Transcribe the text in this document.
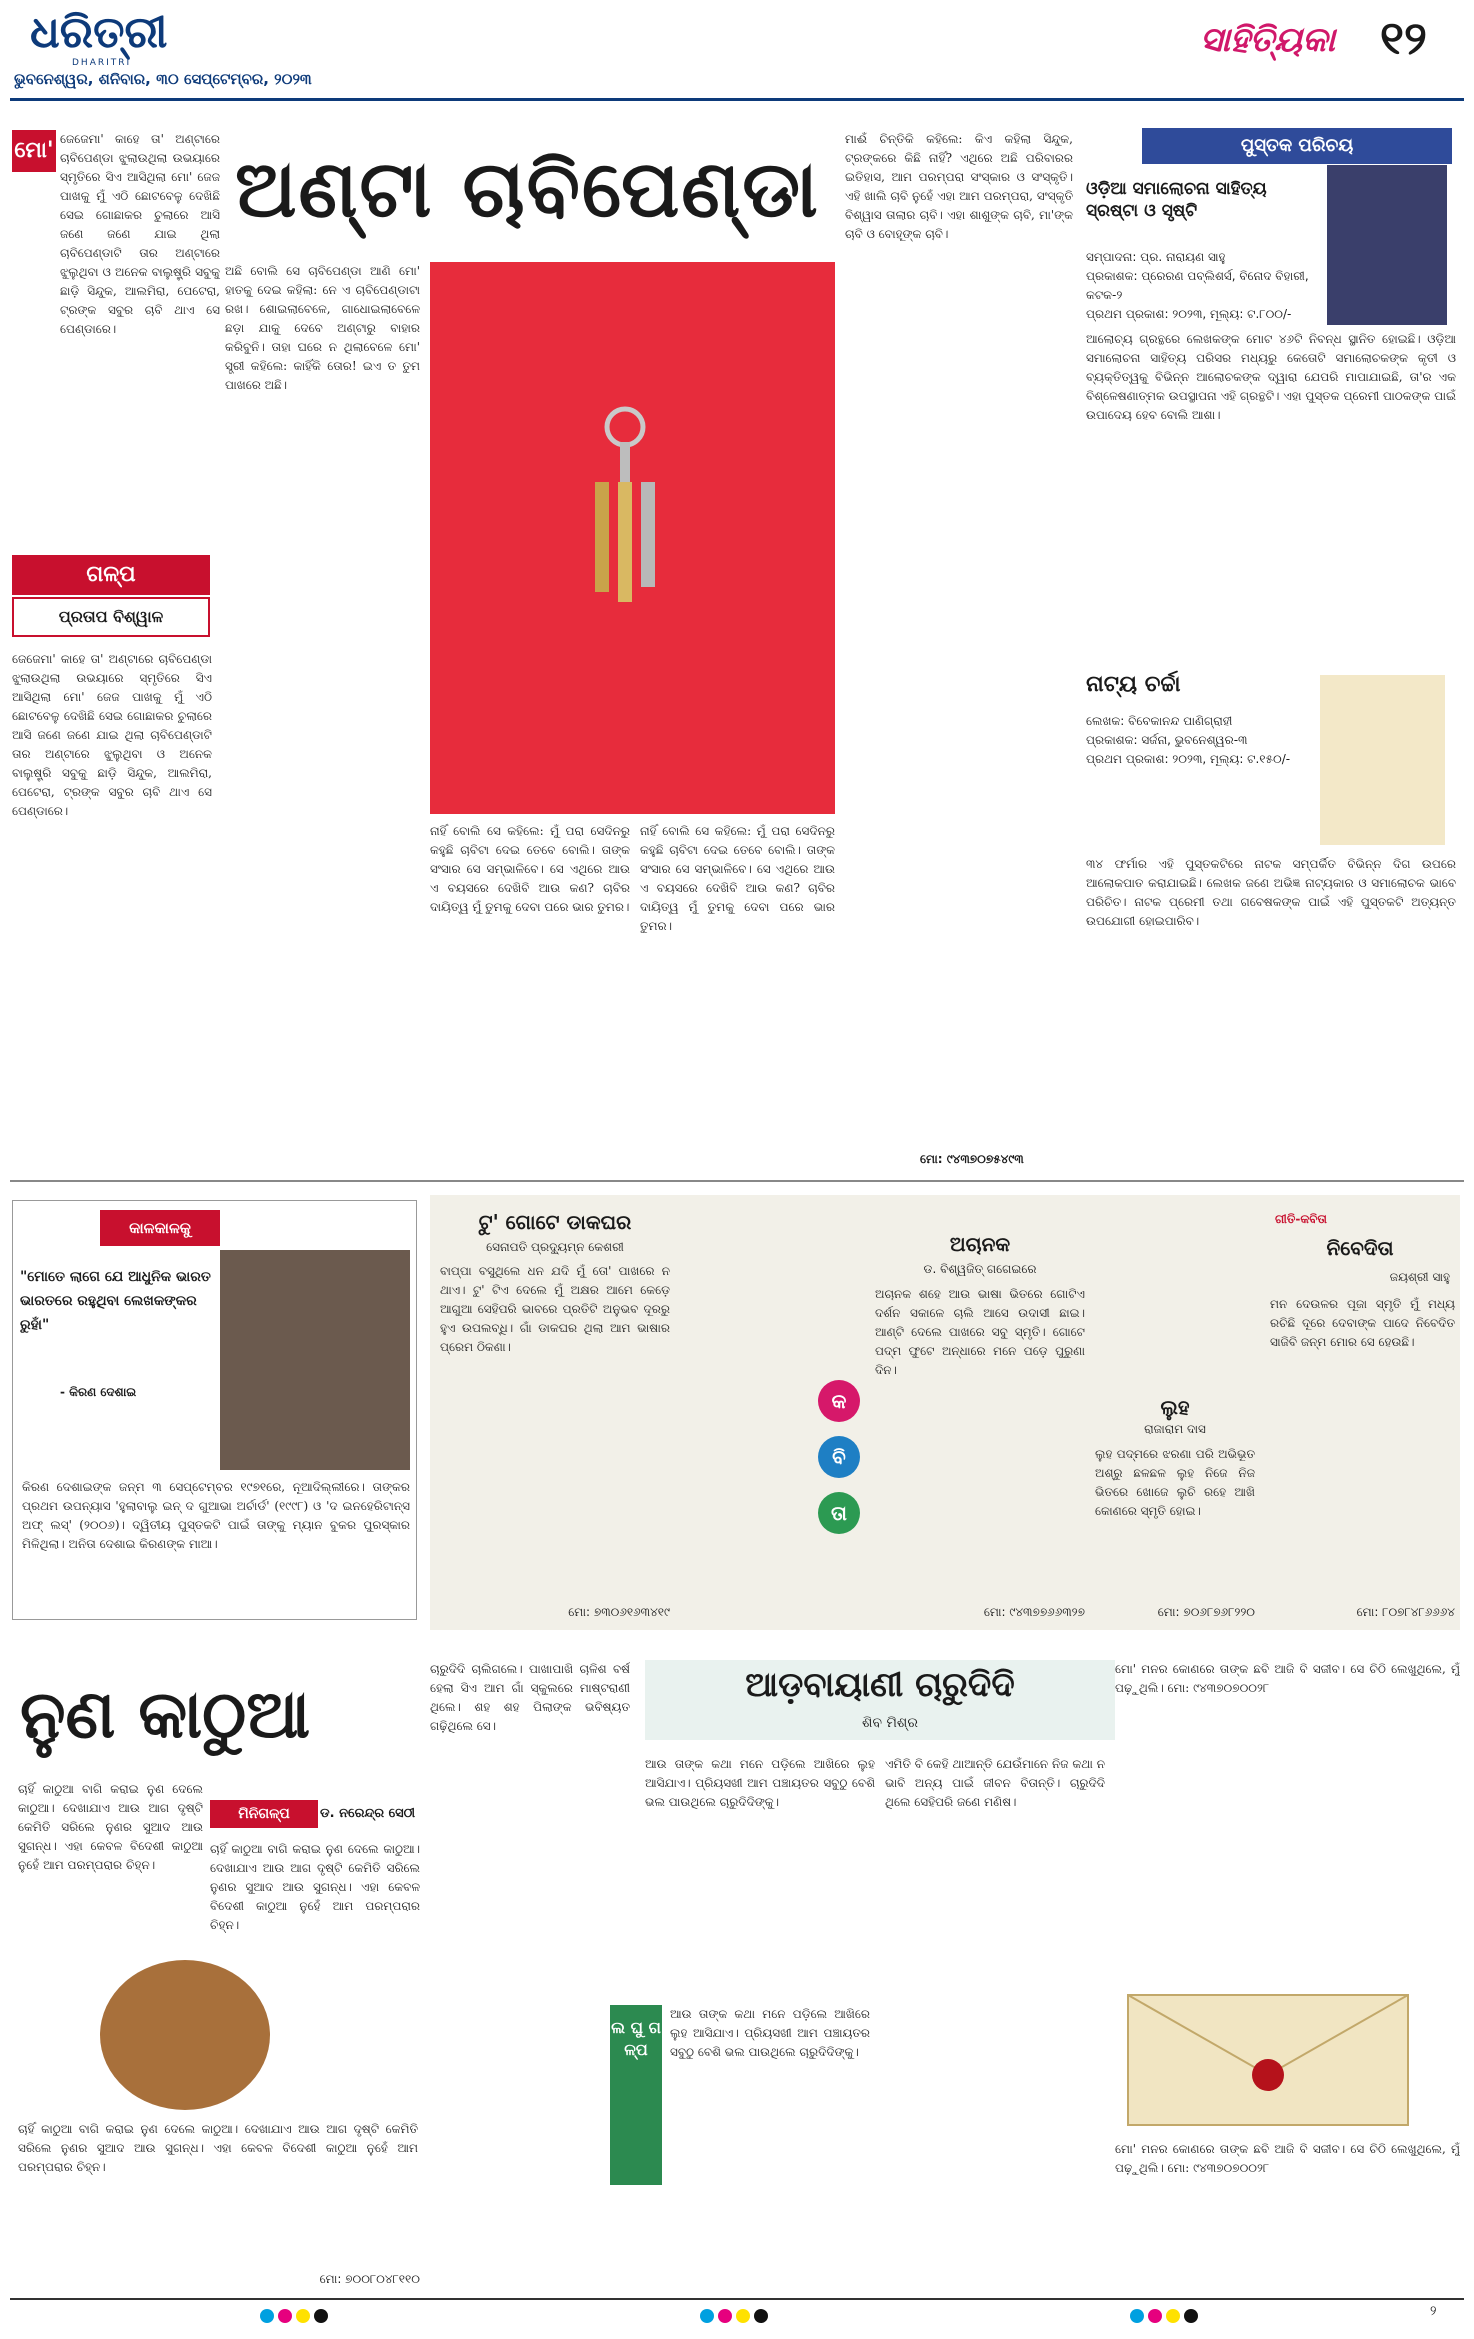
ଧରିତ୍ରୀ
DHARITRI
ଭୁବନେଶ୍ୱର, ଶନିବାର, ୩୦ ସେପ୍ଟେମ୍ବର, ୨୦୨୩
ସାହିତ୍ୟିକା ୧୨
ମୋ' ଅଣ୍ଟା ଚାବିପେଣ୍ଡା
ଜେଜେମା' କାହେ ତା' ଅଣ୍ଟାରେ ଚାବିପେଣ୍ଡା ଝୁଲାଉଥିଲା ଉଭୟାରେ ସ୍ମୃତିରେ ସିଏ ଆସିଥିଲା ମୋ' ଜେଜ ପାଖକୁ ମୁଁ ଏଠି ଛୋଟବେଳୁ ଦେଖିଛି ସେଇ ଗୋଛାକର ଚୁଲାରେ ଆସି ଜଣେ ଜଣେ ଯାଇ ଥିଲା ଚାବିପେଣ୍ଡାଟି ତାର ଅଣ୍ଟାରେ ଝୁଲୁଥିବା ଓ ଅନେକ ବାଲୁଷ୍ଟ୍ରି ସବୁକୁ ଛାଡ଼ି ସିନ୍ଦୁକ, ଆଲମିରା, ପେଟେରା, ଟ୍ରଙ୍କ ସବୁର ଚାବି ଥାଏ ସେ ପେଣ୍ଡାରେ।
ଗଳ୍ପ
ପ୍ରତାପ ବିଶ୍ୱାଳ
ଜେଜେମା' କାହେ ତା' ଅଣ୍ଟାରେ ଚାବିପେଣ୍ଡା ଝୁଲାଉଥିଲା ଉଭୟାରେ ସ୍ମୃତିରେ ସିଏ ଆସିଥିଲା ମୋ' ଜେଜ ପାଖକୁ ମୁଁ ଏଠି ଛୋଟବେଳୁ ଦେଖିଛି ସେଇ ଗୋଛାକର ଚୁଲାରେ ଆସି ଜଣେ ଜଣେ ଯାଇ ଥିଲା ଚାବିପେଣ୍ଡାଟି ତାର ଅଣ୍ଟାରେ ଝୁଲୁଥିବା ଓ ଅନେକ ବାଲୁଷ୍ଟ୍ରି ସବୁକୁ ଛାଡ଼ି ସିନ୍ଦୁକ, ଆଲମିରା, ପେଟେରା, ଟ୍ରଙ୍କ ସବୁର ଚାବି ଥାଏ ସେ ପେଣ୍ଡାରେ।
ଅଛି ବୋଲି ସେ ଚାବିପେଣ୍ଡା ଆଣି ମୋ' ହାତକୁ ଦେଇ କହିଲା: ନେ ଏ ଚାବିପେଣ୍ଡାଟା ରଖ। ଶୋଇଲାବେଳେ, ଗାଧୋଇଲାବେଳେ ଛଡ଼ା ଯାକୁ ଦେବେ ଅଣ୍ଟାରୁ ବାହାର କରିବୁନି। ତାହା ଘରେ ନ ଥିଲାବେଳେ ମୋ' ସ୍ତ୍ରୀ କହିଲେ: କାହିଁକି ତୋର! ଇଏ ତ ତୁମ ପାଖରେ ଅଛି।
ନାହିଁ ବୋଲି ସେ କହିଲେ: ମୁଁ ପରା ସେଦିନରୁ କହୁଛି ଚାବିଟା ଦେଇ ତେବେ ବୋଲି। ତାଙ୍କ ସଂସାର ସେ ସମ୍ଭାଳିବେ। ସେ ଏଥିରେ ଆଉ ଏ ବୟସରେ ଦେଖିବି ଆଉ କଣ? ଚାବିର ଦାୟିତ୍ୱ ମୁଁ ତୁମକୁ ଦେବା ପରେ ଭାର ତୁମର।
ନାହିଁ ବୋଲି ସେ କହିଲେ: ମୁଁ ପରା ସେଦିନରୁ କହୁଛି ଚାବିଟା ଦେଇ ତେବେ ବୋଲି। ତାଙ୍କ ସଂସାର ସେ ସମ୍ଭାଳିବେ। ସେ ଏଥିରେ ଆଉ ଏ ବୟସରେ ଦେଖିବି ଆଉ କଣ? ଚାବିର ଦାୟିତ୍ୱ ମୁଁ ତୁମକୁ ଦେବା ପରେ ଭାର ତୁମର।
ମାଈଁ ଚିନ୍ତିକି କହିଲେ: କିଏ କହିଲା ସିନ୍ଦୁକ, ଟ୍ରଙ୍କରେ କିଛି ନାହିଁ? ଏଥିରେ ଅଛି ପରିବାରର ଇତିହାସ, ଆମ ପରମ୍ପରା ସଂସ୍କାର ଓ ସଂସ୍କୃତି। ଏହି ଖାଲି ଚାବି ନୁହେଁ ଏହା ଆମ ପରମ୍ପରା, ସଂସ୍କୃତି ବିଶ୍ୱାସ ତାଲାର ଚାବି। ଏହା ଶାଶୁଙ୍କ ଚାବି, ମା'ଙ୍କ ଚାବି ଓ ବୋହୂଙ୍କ ଚାବି।
ମୋ: ୯୪୩୭୦୭୫୪୯୩
ପୁସ୍ତକ ପରିଚୟ
ଓଡ଼ିଆ ସମାଲୋଚନା ସାହିତ୍ୟ ସ୍ରଷ୍ଟା ଓ ସୃଷ୍ଟି
ସମ୍ପାଦନା: ପ୍ର. ନାରାୟଣ ସାହୁ
ପ୍ରକାଶକ: ପ୍ରେରଣ ପବ୍ଲିଶର୍ସ, ବିନୋଦ ବିହାରୀ, କଟକ-୨
ପ୍ରଥମ ପ୍ରକାଶ: ୨୦୨୩, ମୂଲ୍ୟ: ଟ.୮୦୦/-
ଆଲୋଚ୍ୟ ଗ୍ରନ୍ଥରେ ଲେଖକଙ୍କ ମୋଟ ୪୬ଟି ନିବନ୍ଧ ସ୍ଥାନିତ ହୋଇଛି। ଓଡ଼ିଆ ସମାଲୋଚନା ସାହିତ୍ୟ ପରିସର ମଧ୍ୟରୁ କେତୋଟି ସମାଲୋଚକଙ୍କ କୃତୀ ଓ ବ୍ୟକ୍ତିତ୍ୱକୁ ବିଭିନ୍ନ ଆଲୋଚକଙ୍କ ଦ୍ୱାରା ଯେପରି ମାପାଯାଇଛି, ତା'ର ଏକ ବିଶ୍ଳେଷଣାତ୍ମକ ଉପସ୍ଥାପନା ଏହି ଗ୍ରନ୍ଥଟି। ଏହା ପୁସ୍ତକ ପ୍ରେମୀ ପାଠକଙ୍କ ପାଇଁ ଉପାଦେୟ ହେବ ବୋଲି ଆଶା।
ନାଟ୍ୟ ଚର୍ଚ୍ଚା
ଲେଖକ: ବିବେକାନନ୍ଦ ପାଣିଗ୍ରାହୀ
ପ୍ରକାଶକ: ସର୍ଜନା, ଭୁବନେଶ୍ୱର-୩
ପ୍ରଥମ ପ୍ରକାଶ: ୨୦୨୩, ମୂଲ୍ୟ: ଟ.୧୫୦/-
୩୪ ଫର୍ମାର ଏହି ପୁସ୍ତକଟିରେ ନାଟକ ସମ୍ପର୍କିତ ବିଭିନ୍ନ ଦିଗ ଉପରେ ଆଲୋକପାତ କରାଯାଇଛି। ଲେଖକ ଜଣେ ଅଭିଜ୍ଞ ନାଟ୍ୟକାର ଓ ସମାଲୋଚକ ଭାବେ ପରିଚିତ। ନାଟକ ପ୍ରେମୀ ତଥା ଗବେଷକଙ୍କ ପାଇଁ ଏହି ପୁସ୍ତକଟି ଅତ୍ୟନ୍ତ ଉପଯୋଗୀ ହୋଇପାରିବ।
କାଳକାଳକୁ
"ମୋତେ ଲାଗେ ଯେ ଆଧୁନିକ ଭାରତ ଭାରତରେ ରହୁଥିବା ଲେଖକଙ୍କର ରୁହାଁ"
- କିରଣ ଦେଶାଇ
କିରଣ ଦେଶାଇଙ୍କ ଜନ୍ମ ୩ ସେପ୍ଟେମ୍ବର ୧୯୭୧ରେ, ନୂଆଦିଲ୍ଲୀରେ। ତାଙ୍କର ପ୍ରଥମ ଉପନ୍ୟାସ 'ହୁଲାବାଲୁ ଇନ୍ ଦ ଗୁଆଭା ଅର୍ଚାର୍ଡ' (୧୯୯୮) ଓ 'ଦ ଇନହେରିଟାନ୍ସ ଅଫ୍ ଲସ୍' (୨୦୦୬)। ଦ୍ୱିତୀୟ ପୁସ୍ତକଟି ପାଇଁ ତାଙ୍କୁ ମ୍ୟାନ ବୁକର ପୁରସ୍କାର ମିଳିଥିଲା। ଅନିତା ଦେଶାଇ କିରଣଙ୍କ ମାଆ।
ଟୁ' ଗୋଟେ ଡାକଘର
ସେନାପତି ପ୍ରଦ୍ୟୁମ୍ନ କେଶରୀ
ବାପ୍ପା ବସୁଥିଲେ ଧନ ଯଦି ମୁଁ ତୋ' ପାଖରେ ନ ଥାଏ। ଟୁ' ଟିଏ ଦେଲେ ମୁଁ ଅକ୍ଷର ଆମେ କେଡ଼େ ଆଗୁଆ ସେହିପରି ଭାବରେ ପ୍ରତିଟି ଅନୁଭବ ଦୂରରୁ ହୁଏ ଉପଲବ୍ଧି। ଗାଁ ଡାକଘର ଥିଲା ଆମ ଭାଷାର ପ୍ରେମ ଠିକଣା।
ମୋ: ୭୩୦୬୧୬୩୪୧୯
ଅଚାନକ
ଡ. ବିଶ୍ୱଜିତ୍‌ ଗଗେଇରେ
ଅଚାନକ ଶହେ ଆଉ ଭାଷା ଭିତରେ ଗୋଟିଏ ଦର୍ଶନ ସକାଳେ ଚାଲି ଆସେ ଉଦାସୀ ଛାଇ। ଆଣ୍ଟି ଦେଲେ ପାଖରେ ସବୁ ସ୍ମୃତି। ଗୋଟେ ପଦ୍ମ ଫୁଟେ ଅନ୍ଧାରେ ମନେ ପଡ଼େ ପୁରୁଣା ଦିନ।
ମୋ: ୯୪୩୭୭୬୬୩୨୭
କ
ବି
ତା
ଲୁହ
ରାଜାରାମ ଦାସ
ଲୁହ ପଦ୍ମରେ ଝରଣା ପରି ଅଭିଭୂତ ଅଶ୍ରୁ ଛଳଛଳ ଲୁହ ନିଜେ ନିଜ ଭିତରେ ଖୋଜେ ଲୁଚି ରହେ ଆଖି କୋଣରେ ସ୍ମୃତି ହୋଇ।
ମୋ: ୭୦୬୮୭୬୮୨୨୦
ଗୀତି-କବିତା
ନିବେଦିତା
ଜୟଶ୍ରୀ ସାହୁ
ମନ ଦେଉଳର ପୂଜା ସ୍ମୃତି ମୁଁ ମଧ୍ୟ ରଚିଛି ଦୂରେ ଦେବାଙ୍କ ପାଦେ ନିବେଦିତ ସାଜିବି ଜନ୍ମ ମୋର ସେ ହେଉଛି।
ମୋ: ୮୦୭୮୪୮୬୬୬୪
ନୁଣ କାଠୁଆ
ମିନିଗଳ୍ପ	ଡ. ନରେନ୍ଦ୍ର ସେଠୀ
ଚାହିଁ କାଠୁଆ ବାଗି କରାଇ ନୁଣ ଦେଲେ କାଠୁଆ। ଦେଖାଯାଏ ଆଉ ଆଗ ଦୃଷ୍ଟି କେମିତି ସରିଲେ ନୁଣର ସୁଆଦ ଆଉ ସୁଗନ୍ଧ। ଏହା କେବଳ ବିଦେଶୀ କାଠୁଆ ନୁହେଁ ଆମ ପରମ୍ପରାର ଚିହ୍ନ।
ଚାହିଁ କାଠୁଆ ବାଗି କରାଇ ନୁଣ ଦେଲେ କାଠୁଆ। ଦେଖାଯାଏ ଆଉ ଆଗ ଦୃଷ୍ଟି କେମିତି ସରିଲେ ନୁଣର ସୁଆଦ ଆଉ ସୁଗନ୍ଧ। ଏହା କେବଳ ବିଦେଶୀ କାଠୁଆ ନୁହେଁ ଆମ ପରମ୍ପରାର ଚିହ୍ନ।
ଚାହିଁ କାଠୁଆ ବାଗି କରାଇ ନୁଣ ଦେଲେ କାଠୁଆ। ଦେଖାଯାଏ ଆଉ ଆଗ ଦୃଷ୍ଟି କେମିତି ସରିଲେ ନୁଣର ସୁଆଦ ଆଉ ସୁଗନ୍ଧ। ଏହା କେବଳ ବିଦେଶୀ କାଠୁଆ ନୁହେଁ ଆମ ପରମ୍ପରାର ଚିହ୍ନ।
ମୋ: ୭୦୦୮୦୪୮୧୧୦
ଚାରୁଦିଦି ଚାଲିଗଲେ। ପାଖାପାଖି ଚାଳିଶ ବର୍ଷ ହେଲା ସିଏ ଆମ ଗାଁ ସ୍କୁଲରେ ମାଷ୍ଟରାଣୀ ଥିଲେ। ଶହ ଶହ ପିଲାଙ୍କ ଭବିଷ୍ୟତ ଗଢ଼ିଥିଲେ ସେ।
ଆଡ଼ବାୟାଣୀ ଚାରୁଦିଦି
ଶିବ ମିଶ୍ର
ଆଉ ତାଙ୍କ କଥା ମନେ ପଡ଼ିଲେ ଆଖିରେ ଲୁହ ଆସିଯାଏ। ପ୍ରିୟସଖୀ ଆମ ପଞ୍ଚାୟତର ସବୁଠୁ ବେଶି ଭଲ ପାଉଥିଲେ ଚାରୁଦିଦିଙ୍କୁ।
ଲ ଘୁ ଗ ଳ୍ପ
ଆଉ ତାଙ୍କ କଥା ମନେ ପଡ଼ିଲେ ଆଖିରେ ଲୁହ ଆସିଯାଏ। ପ୍ରିୟସଖୀ ଆମ ପଞ୍ଚାୟତର ସବୁଠୁ ବେଶି ଭଲ ପାଉଥିଲେ ଚାରୁଦିଦିଙ୍କୁ।
ଏମିତି ବି କେହି ଥାଆନ୍ତି ଯେଉଁମାନେ ନିଜ କଥା ନ ଭାବି ଅନ୍ୟ ପାଇଁ ଜୀବନ ବିତାନ୍ତି। ଚାରୁଦିଦି ଥିଲେ ସେହିପରି ଜଣେ ମଣିଷ।
ମୋ' ମନର କୋଣରେ ତାଙ୍କ ଛବି ଆଜି ବି ସଜୀବ। ସେ ଚିଠି ଲେଖୁଥିଲେ, ମୁଁ ପଢ଼ୁଥିଲି। ମୋ: ୯୪୩୭୦୭୦୦୨୮
ମୋ' ମନର କୋଣରେ ତାଙ୍କ ଛବି ଆଜି ବି ସଜୀବ। ସେ ଚିଠି ଲେଖୁଥିଲେ, ମୁଁ ପଢ଼ୁଥିଲି। ମୋ: ୯୪୩୭୦୭୦୦୨୮
୨
